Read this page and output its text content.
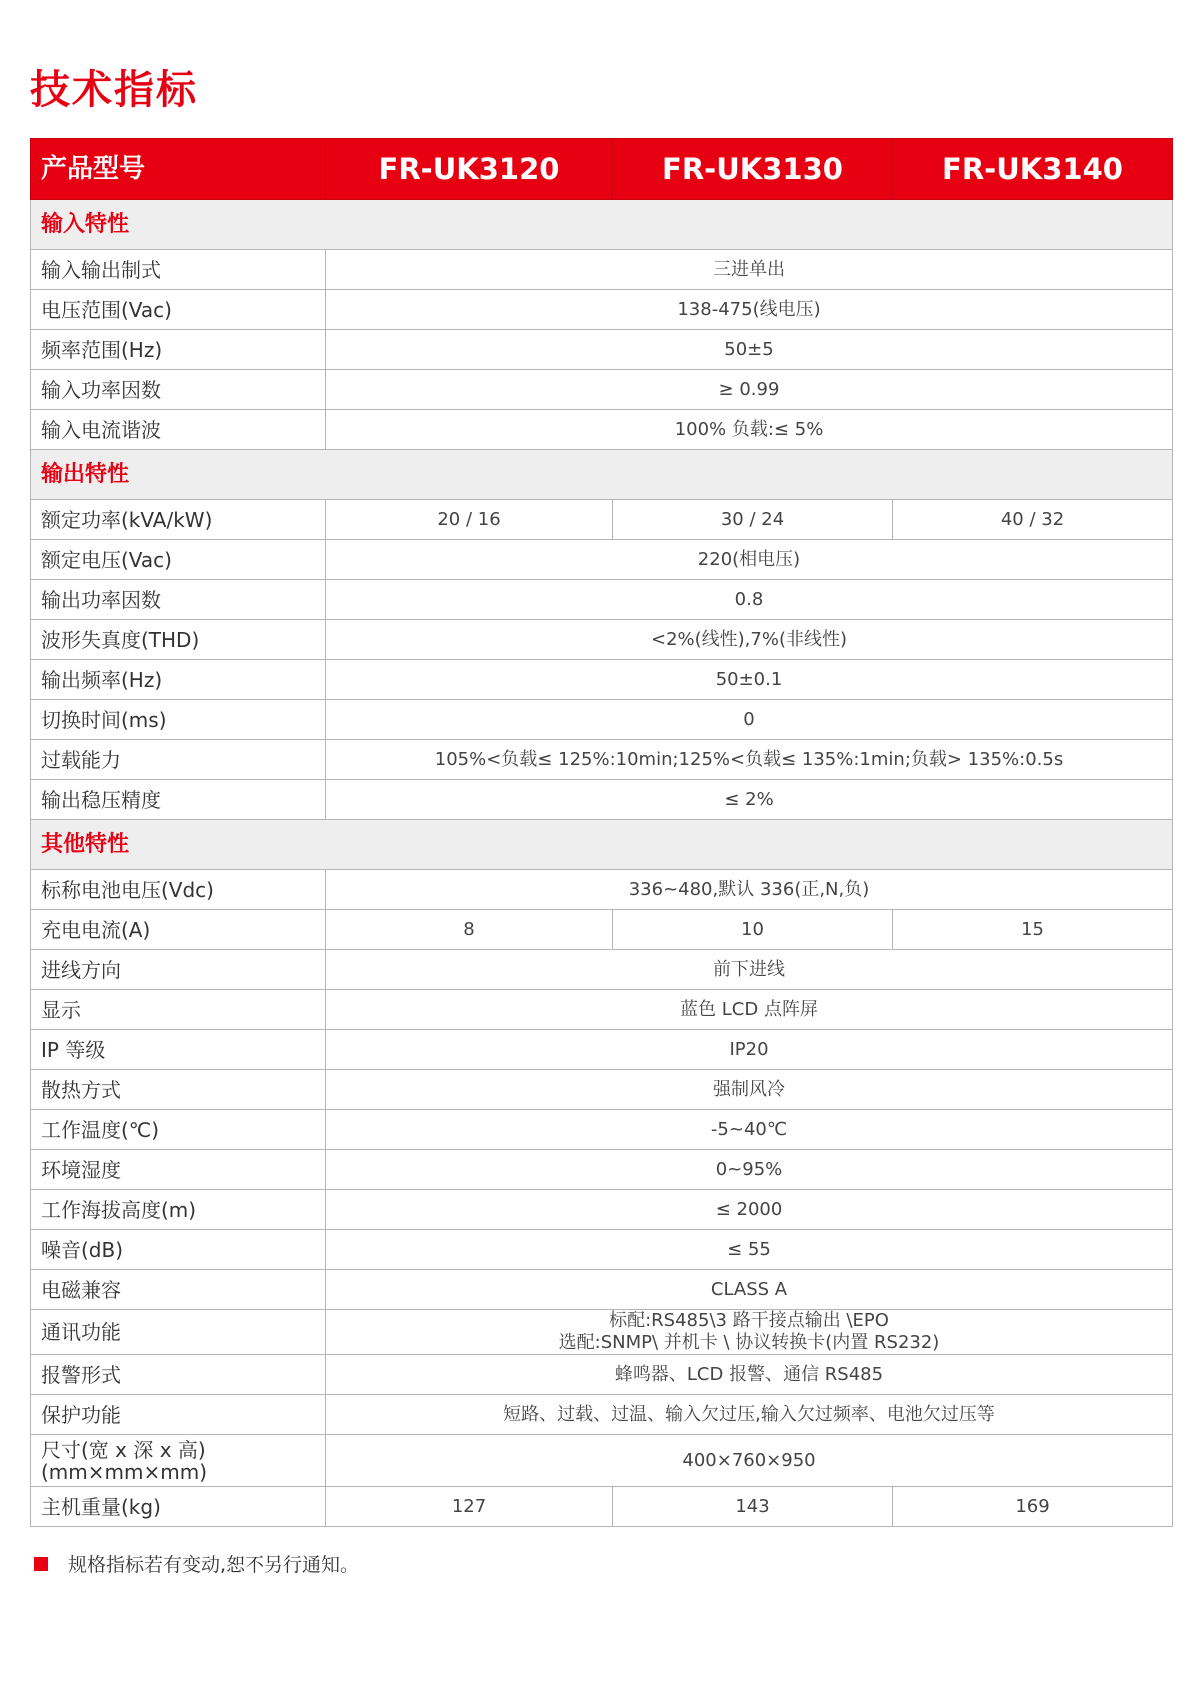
技术指标
产品型号	FR-UK3120	FR-UK3130	FR-UK3140
输入特性			
输入输出制式	三进单出		
电压范围(Vac)	138-475(线电压)		
频率范围(Hz)	50±5		
输入功率因数	≥ 0.99		
输入电流谐波	100% 负载:≤ 5%		
输出特性			
额定功率(kVA/kW)	20 / 16	30 / 24	40 / 32
额定电压(Vac)	220(相电压)		
输出功率因数	0.8		
波形失真度(THD)	<2%(线性),7%(非线性)		
输出频率(Hz)	50±0.1		
切换时间(ms)	0		
过载能力	105%<负载≤ 125%:10min;125%<负载≤ 135%:1min;负载> 135%:0.5s		
输出稳压精度	≤ 2%		
其他特性			
标称电池电压(Vdc)	336~480,默认 336(正,N,负)		
充电电流(A)	8	10	15
进线方向	前下进线		
显示	蓝色 LCD 点阵屏		
IP 等级	IP20		
散热方式	强制风冷		
工作温度(℃)	-5~40℃		
环境湿度	0~95%		
工作海拔高度(m)	≤ 2000		
噪音(dB)	≤ 55		
电磁兼容	CLASS A		
通讯功能	标配:RS485\3 路干接点输出 \EPO
选配:SNMP\ 并机卡 \ 协议转换卡(内置 RS232)		

报警形式	蜂鸣器、LCD 报警、通信 RS485		
保护功能	短路、过载、过温、输入欠过压,输入欠过频率、电池欠过压等		

尺寸(宽 x 深 x 高)
(mm×mm×mm)	400×760×950		
主机重量(kg)	127	143	169
规格指标若有变动,恕不另行通知。
